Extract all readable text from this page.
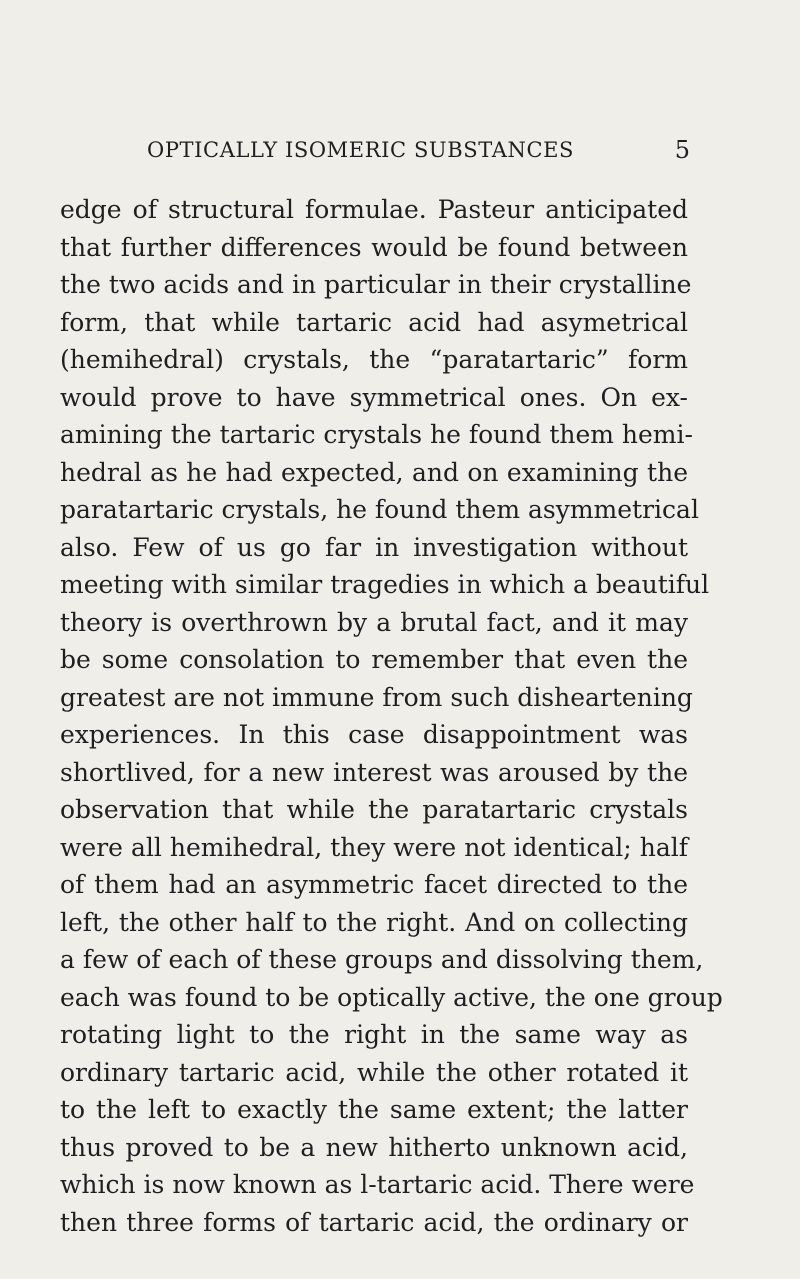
OPTICALLY ISOMERIC SUBSTANCES	5
edge of structural formulae. Pasteur anticipated
that further differences would be found between
the two acids and in particular in their crystalline
form, that while tartaric acid had asymetrical
(hemihedral) crystals, the “paratartaric” form
would prove to have symmetrical ones. On ex-
amining the tartaric crystals he found them hemi-
hedral as he had expected, and on examining the
paratartaric crystals, he found them asymmetrical
also. Few of us go far in investigation without
meeting with similar tragedies in which a beautiful
theory is overthrown by a brutal fact, and it may
be some consolation to remember that even the
greatest are not immune from such disheartening
experiences. In this case disappointment was
shortlived, for a new interest was aroused by the
observation that while the paratartaric crystals
were all hemihedral, they were not identical; half
of them had an asymmetric facet directed to the
left, the other half to the right. And on collecting
a few of each of these groups and dissolving them,
each was found to be optically active, the one group
rotating light to the right in the same way as
ordinary tartaric acid, while the other rotated it
to the left to exactly the same extent; the latter
thus proved to be a new hitherto unknown acid,
which is now known as l-tartaric acid. There were
then three forms of tartaric acid, the ordinary or
